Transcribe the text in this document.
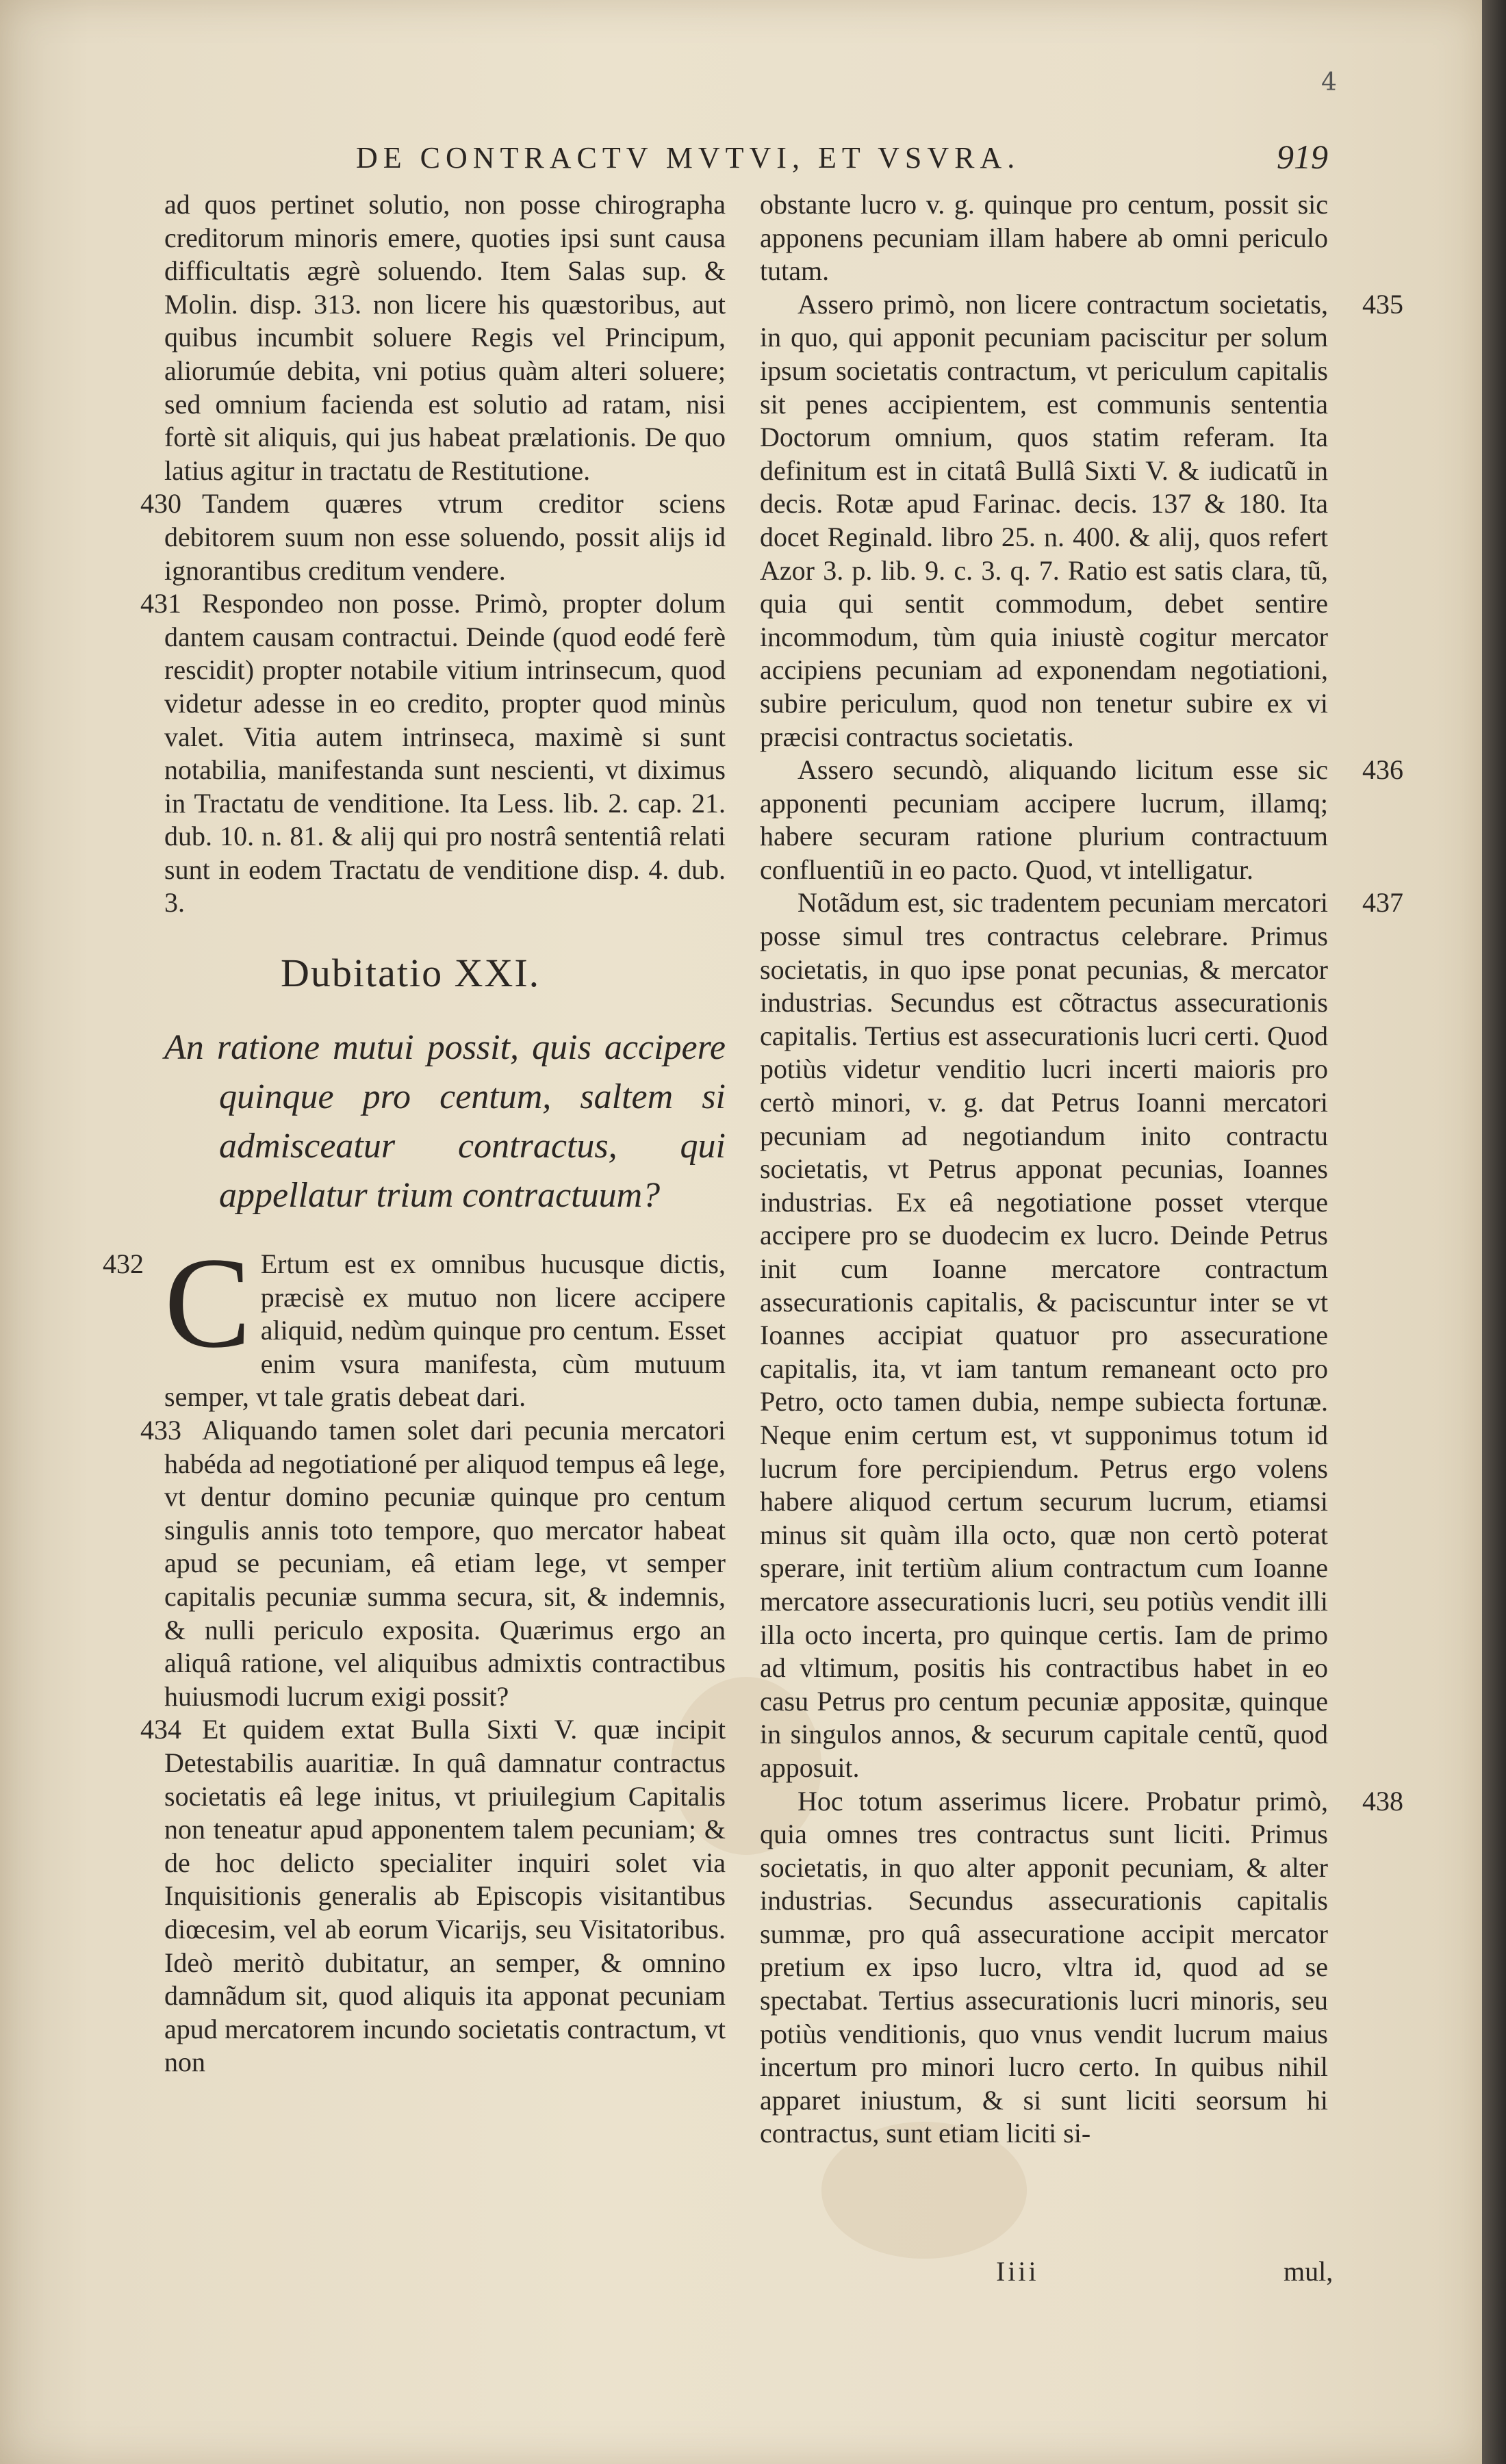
4
DE CONTRACTV MVTVI, ET VSVRA.	919

ad quos pertinet solutio, non posse chirographa creditorum minoris emere, quoties ipsi sunt causa difficultatis ægrè soluendo. Item Salas sup. & Molin. disp. 313. non licere his quæstoribus, aut quibus incumbit soluere Regis vel Principum, aliorumúe debita, vni potius quàm alteri soluere; sed omnium facienda est solutio ad ratam, nisi fortè sit aliquis, qui jus habeat prælationis. De quo latius agitur in tractatu de Restitutione.

430 Tandem quæres vtrum creditor sciens debitorem suum non esse soluendo, possit alijs id ignorantibus creditum vendere.

431 Respondeo non posse. Primò, propter dolum dantem causam contractui. Deinde (quod eodé ferè rescidit) propter notabile vitium intrinsecum, quod videtur adesse in eo credito, propter quod minùs valet. Vitia autem intrinseca, maximè si sunt notabilia, manifestanda sunt nescienti, vt diximus in Tractatu de venditione. Ita Less. lib. 2. cap. 21. dub. 10. n. 81. & alij qui pro nostrâ sententiâ relati sunt in eodem Tractatu de venditione disp. 4. dub. 3.

Dubitatio XXI.
An ratione mutui possit, quis accipere quinque pro centum, saltem si admisceatur contractus, qui appellatur trium contractuum?

432 C Ertum est ex omnibus hucusque dictis, præcisè ex mutuo non licere accipere aliquid, nedùm quinque pro centum. Esset enim vsura manifesta, cùm mutuum semper, vt tale gratis debeat dari.

433 Aliquando tamen solet dari pecunia mercatori habéda ad negotiationé per aliquod tempus eâ lege, vt dentur domino pecuniæ quinque pro centum singulis annis toto tempore, quo mercator habeat apud se pecuniam, eâ etiam lege, vt semper capitalis pecuniæ summa secura, sit, & indemnis, & nulli periculo exposita. Quærimus ergo an aliquâ ratione, vel aliquibus admixtis contractibus huiusmodi lucrum exigi possit?

434 Et quidem extat Bulla Sixti V. quæ incipit Detestabilis auaritiæ. In quâ damnatur contractus societatis eâ lege initus, vt priuilegium Capitalis non teneatur apud apponentem talem pecuniam; & de hoc delicto specialiter inquiri solet via Inquisitionis generalis ab Episcopis visitantibus diœcesim, vel ab eorum Vicarijs, seu Visitatoribus. Ideò meritò dubitatur, an semper, & omnino damnãdum sit, quod aliquis ita apponat pecuniam apud mercatorem incundo societatis contractum, vt non

obstante lucro v. g. quinque pro centum, possit sic apponens pecuniam illam habere ab omni periculo tutam.

435
Assero primò, non licere contractum societatis, in quo, qui apponit pecuniam paciscitur per solum ipsum societatis contractum, vt periculum capitalis sit penes accipientem, est communis sententia Doctorum omnium, quos statim referam. Ita definitum est in citatâ Bullâ Sixti V. & iudicatũ in decis. Rotæ apud Farinac. decis. 137 & 180. Ita docet Reginald. libro 25. n. 400. & alij, quos refert Azor 3. p. lib. 9. c. 3. q. 7. Ratio est satis clara, tũ, quia qui sentit commodum, debet sentire incommodum, tùm quia iniustè cogitur mercator accipiens pecuniam ad exponendam negotiationi, subire periculum, quod non tenetur subire ex vi præcisi contractus societatis.

436
Assero secundò, aliquando licitum esse sic apponenti pecuniam accipere lucrum, illamq; habere securam ratione plurium contractuum confluentiũ in eo pacto. Quod, vt intelligatur.

437
Notãdum est, sic tradentem pecuniam mercatori posse simul tres contractus celebrare. Primus societatis, in quo ipse ponat pecunias, & mercator industrias. Secundus est cõtractus assecurationis capitalis. Tertius est assecurationis lucri certi. Quod potiùs videtur venditio lucri incerti maioris pro certò minori, v. g. dat Petrus Ioanni mercatori pecuniam ad negotiandum inito contractu societatis, vt Petrus apponat pecunias, Ioannes industrias. Ex eâ negotiatione posset vterque accipere pro se duodecim ex lucro. Deinde Petrus init cum Ioanne mercatore contractum assecurationis capitalis, & paciscuntur inter se vt Ioannes accipiat quatuor pro assecuratione capitalis, ita, vt iam tantum remaneant octo pro Petro, octo tamen dubia, nempe subiecta fortunæ. Neque enim certum est, vt supponimus totum id lucrum fore percipiendum. Petrus ergo volens habere aliquod certum securum lucrum, etiamsi minus sit quàm illa octo, quæ non certò poterat sperare, init tertiùm alium contractum cum Ioanne mercatore assecurationis lucri, seu potiùs vendit illi illa octo incerta, pro quinque certis. Iam de primo ad vltimum, positis his contractibus habet in eo casu Petrus pro centum pecuniæ appositæ, quinque in singulos annos, & securum capitale centũ, quod apposuit.

438
Hoc totum asserimus licere. Probatur primò, quia omnes tres contractus sunt liciti. Primus societatis, in quo alter apponit pecuniam, & alter industrias. Secundus assecurationis capitalis summæ, pro quâ assecuratione accipit mercator pretium ex ipso lucro, vltra id, quod ad se spectabat. Tertius assecurationis lucri minoris, seu potiùs venditionis, quo vnus vendit lucrum maius incertum pro minori lucro certo. In quibus nihil apparet iniustum, & si sunt liciti seorsum hi contractus, sunt etiam liciti si-

Iiii	mul,
